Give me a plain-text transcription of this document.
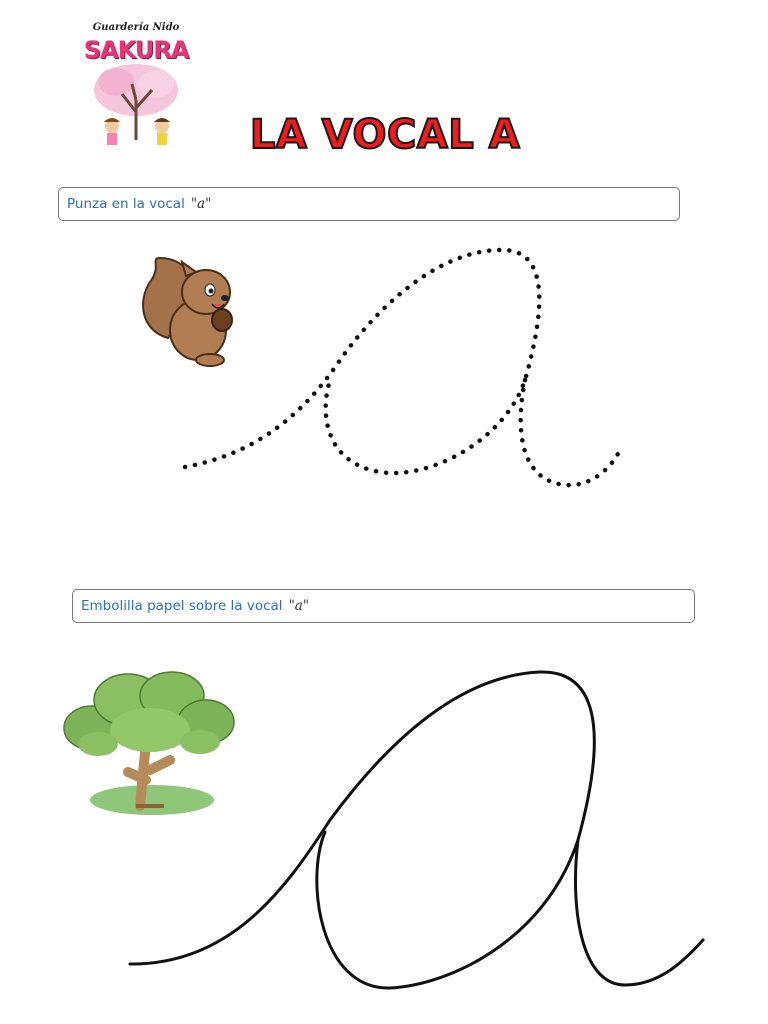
Guardería Nido
SAKURA
LA VOCAL A
Punza en la vocal "a"
Embolilla papel sobre la vocal "a"
